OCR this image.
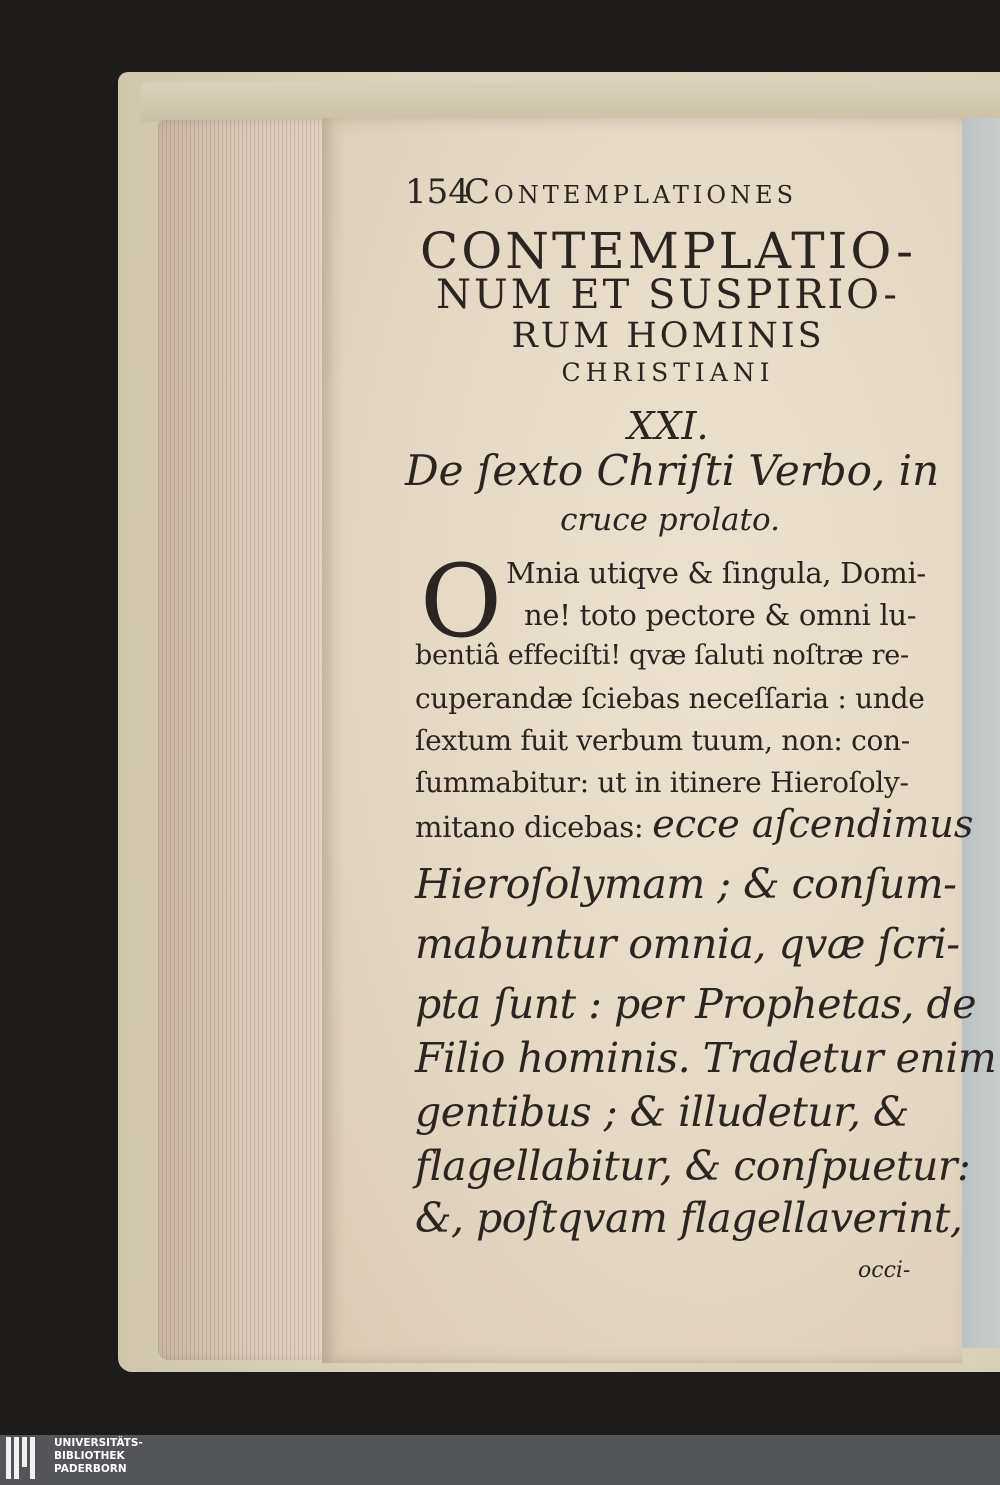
154
Contemplationes
CONTEMPLATIO-
NUM ET SUSPIRIO-
RUM HOMINIS
CHRISTIANI
XXI.
De ſexto Chriſti Verbo, in
cruce prolato.
O Mnia utiqve & ſingula, Domi-
ne! toto pectore & omni lu-
bentiâ effeciſti! qvæ ſaluti noſtræ re-
cuperandæ ſciebas neceſſaria : unde
ſextum fuit verbum tuum, non: con-
ſummabitur: ut in itinere Hieroſoly-
mitano dicebas: ecce aſcendimus
Hieroſolymam ; & conſum-
mabuntur omnia, qvæ ſcri-
pta ſunt : per Prophetas, de
Filio hominis. Tradetur enim
gentibus ; & illudetur, &
flagellabitur, & conſpuetur:
&, poſtqvam flagellaverint,
occi-
UNIVERSITÄTS-
BIBLIOTHEK
PADERBORN
